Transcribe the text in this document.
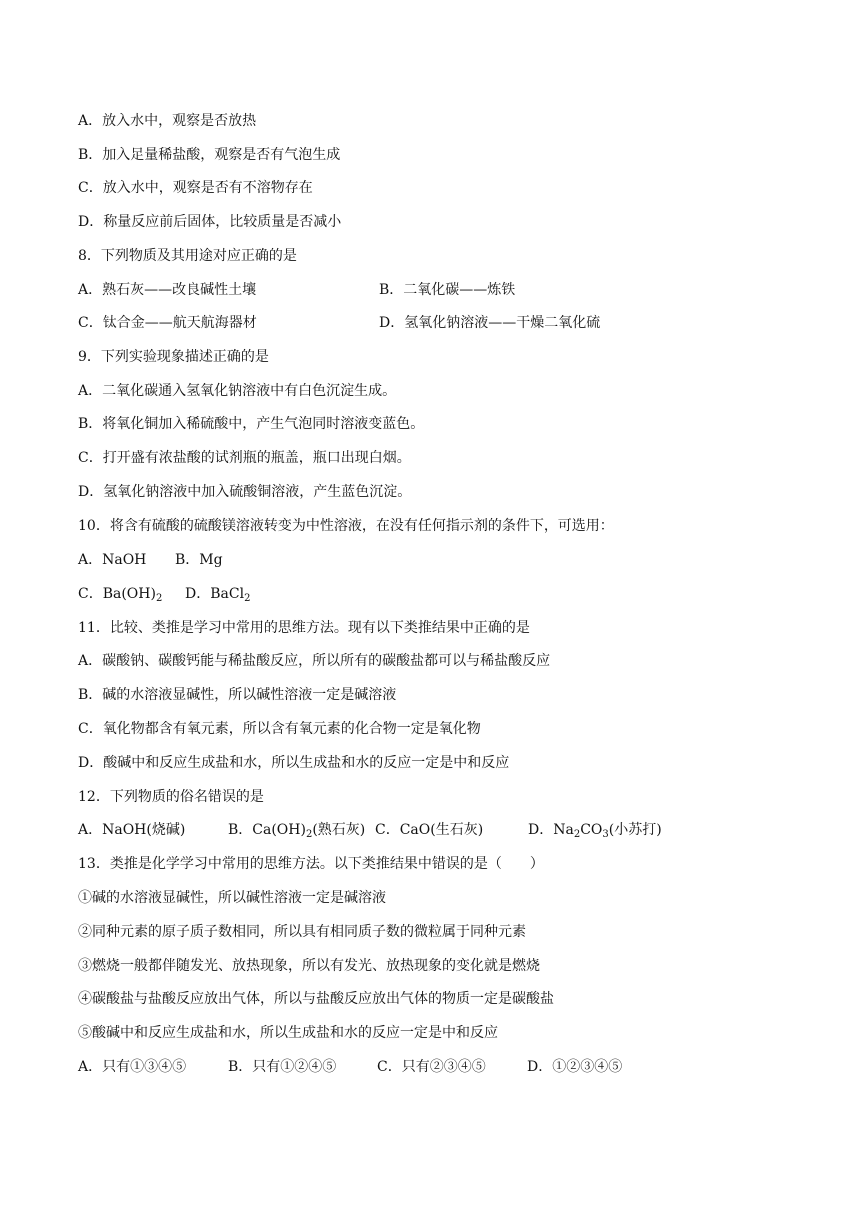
A．放入水中，观察是否放热
B．加入足量稀盐酸，观察是否有气泡生成
C．放入水中，观察是否有不溶物存在
D．称量反应前后固体，比较质量是否减小
8．下列物质及其用途对应正确的是
A．熟石灰——改良碱性土壤	B．二氧化碳——炼铁
C．钛合金——航天航海器材	D．氢氧化钠溶液——干燥二氧化硫
9．下列实验现象描述正确的是
A．二氧化碳通入氢氧化钠溶液中有白色沉淀生成。
B．将氧化铜加入稀硫酸中，产生气泡同时溶液变蓝色。
C．打开盛有浓盐酸的试剂瓶的瓶盖，瓶口出现白烟。
D．氢氧化钠溶液中加入硫酸铜溶液，产生蓝色沉淀。
10．将含有硫酸的硫酸镁溶液转变为中性溶液，在没有任何指示剂的条件下，可选用：
A．NaOH B．Mg
C．$Ba(OH)_2$ D．BaCl$_2$
11．比较、类推是学习中常用的思维方法。现有以下类推结果中正确的是
A．碳酸钠、碳酸钙能与稀盐酸反应，所以所有的碳酸盐都可以与稀盐酸反应
B．碱的水溶液显碱性，所以碱性溶液一定是碱溶液
C．氧化物都含有氧元素，所以含有氧元素的化合物一定是氧化物
D．酸碱中和反应生成盐和水，所以生成盐和水的反应一定是中和反应
12．下列物质的俗名错误的是
A．NaOH(烧碱)	B．$Ca(OH)_2$(熟石灰) C．CaO(生石灰)	D．$Na_2CO_3$(小苏打)
13．类推是化学学习中常用的思维方法。以下类推结果中错误的是（　　）
①碱的水溶液显碱性，所以碱性溶液一定是碱溶液
②同种元素的原子质子数相同，所以具有相同质子数的微粒属于同种元素
③燃烧一般都伴随发光、放热现象，所以有发光、放热现象的变化就是燃烧
④碳酸盐与盐酸反应放出气体，所以与盐酸反应放出气体的物质一定是碳酸盐
⑤酸碱中和反应生成盐和水，所以生成盐和水的反应一定是中和反应
A．只有①③④⑤	B．只有①②④⑤	C．只有②③④⑤	D．①②③④⑤
